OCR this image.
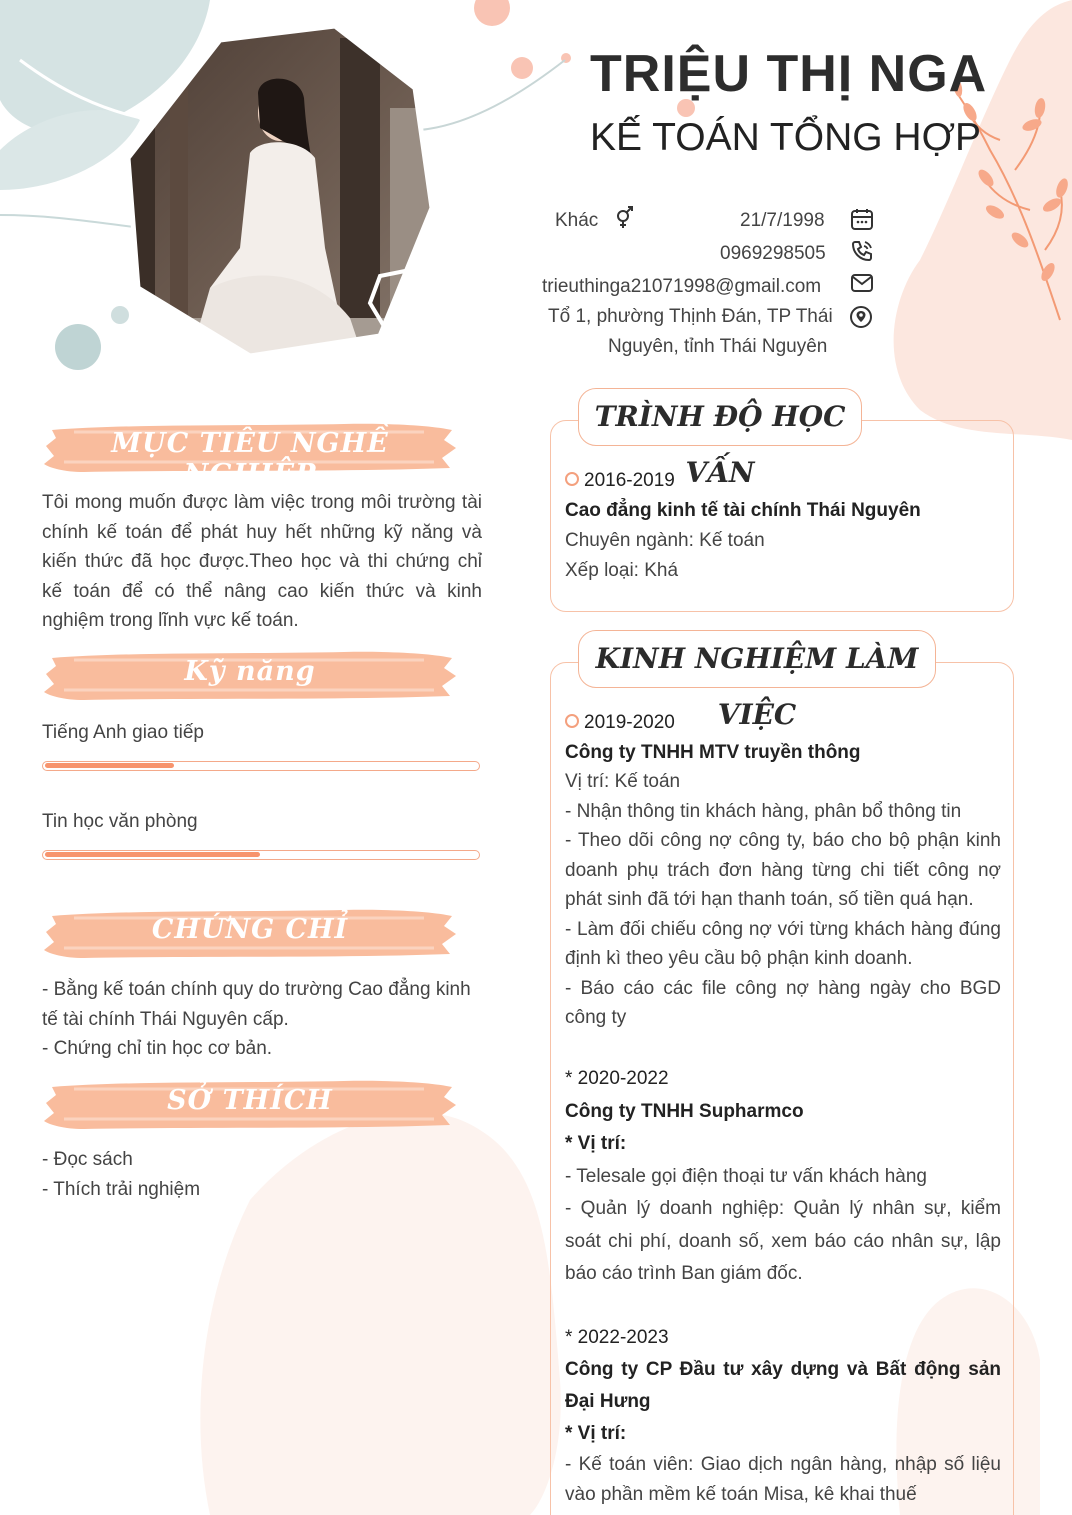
TRIỆU THỊ NGA
KẾ TOÁN TỔNG HỢP
Khác	21/7/1998
0969298505
trieuthinga21071998@gmail.com
Tổ 1, phường Thịnh Đán, TP Thái
Nguyên, tỉnh Thái Nguyên
MỤC TIÊU NGHỀ NGHIỆP
Tôi mong muốn được làm việc trong môi trường tài chính kế toán để phát huy hết những kỹ năng và kiến thức đã học được.Theo học và thi chứng chỉ kế toán để có thể nâng cao kiến thức và kinh nghiệm trong lĩnh vực kế toán.
Kỹ năng
Tiếng Anh giao tiếp
Tin học văn phòng
CHỨNG CHỈ
- Bằng kế toán chính quy do trường Cao đẳng kinh tế tài chính Thái Nguyên cấp.
- Chứng chỉ tin học cơ bản.
SỞ THÍCH
- Đọc sách
- Thích trải nghiệm
TRÌNH ĐỘ HỌC VẤN
2016-2019
Cao đẳng kinh tế tài chính Thái Nguyên
Chuyên ngành: Kế toán
Xếp loại: Khá
KINH NGHIỆM LÀM VIỆC
2019-2020
Công ty TNHH MTV truyền thông
Vị trí: Kế toán
- Nhận thông tin khách hàng, phân bổ thông tin
- Theo dõi công nợ công ty, báo cho bộ phận kinh doanh phụ trách đơn hàng từng chi tiết công nợ phát sinh đã tới hạn thanh toán, số tiền quá hạn.
- Làm đối chiếu công nợ với từng khách hàng đúng định kì theo yêu cầu bộ phận kinh doanh.
- Báo cáo các file công nợ hàng ngày cho BGD công ty
* 2020-2022
Công ty TNHH Supharmco
* Vị trí:
- Telesale gọi điện thoại tư vấn khách hàng
- Quản lý doanh nghiệp: Quản lý nhân sự, kiểm soát chi phí, doanh số, xem báo cáo nhân sự, lập báo cáo trình Ban giám đốc.
* 2022-2023
Công ty CP Đầu tư xây dựng và Bất động sản Đại Hưng
* Vị trí:
- Kế toán viên: Giao dịch ngân hàng, nhập số liệu vào phần mềm kế toán Misa, kê khai thuế
